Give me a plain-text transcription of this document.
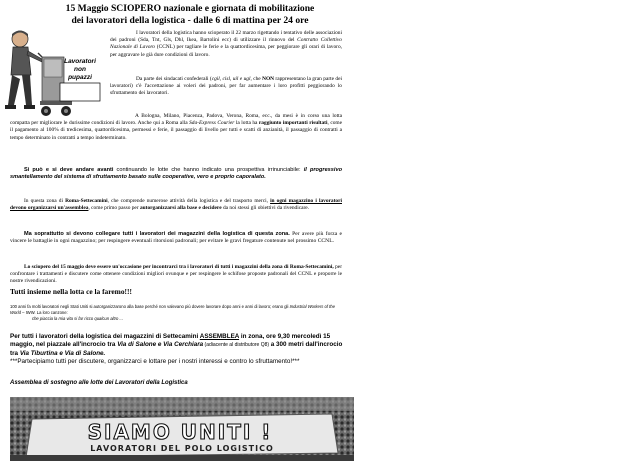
15 Maggio SCIOPERO nazionale e giornata di mobilitazione
dei lavoratori della logistica - dalle 6 di mattina per 24 ore
Lavoratori
non pupazzi
I lavoratori della logistica hanno scioperato il 22 marzo rigettando i tentativo delle associazioni dei padroni (Sda, Tnt, Gls, Dhl, Ikea, Bartolini ecc) di utilizzare il rinnovo del Contratto Collettivo Nazionale di Lavoro (CCNL) per tagliare le ferie e la quattordicesima, per peggiorare gli orari di lavoro, per aggravare le già dure condizioni di lavoro.
Da parte dei sindacati confederali (cgil, cisl, uil e ugl, che NON rappresentano la gran parte dei lavoratori) c'è l'accettazione ai voleri dei padroni, per far aumentare i loro profitti peggiorando lo sfruttamento dei lavoratori.
A Bologna, Milano, Piacenza, Padova, Verona, Roma, ecc., da mesi è in corso una lotta compatta per migliorare le durissime condizioni di lavoro. Anche qui a Roma alla Sda-Express Courier la lotta ha raggiunto importanti risultati, come il pagamento al 100% di tredicesima, quattordicesima, permessi e ferie, il passaggio di livello per tutti e scatti di anzianità, il passaggio di contratti a tempo determinato in contratti a tempo indeterminato.
Si può e si deve andare avanti continuando le lotte che hanno indicato una prospettiva irrinunciabile: il progressivo smantellamento del sistema di sfruttamento basato sulle cooperative, vero e proprio caporalato.
In questa zona di Roma-Settecamini, che comprende numerose attività della logistica e del trasporto merci, in ogni magazzino i lavoratori devono organizzarsi un'assemblea, come primo passo per autorganizzarsi alla base e decidere da noi stessi gli obiettivi da rivendicare.
Ma soprattutto si devono collegare tutti i lavoratori dei magazzini della logistica di questa zona. Per avere più forza e vincere le battaglie in ogni magazzino; per respingere eventuali ritorsioni padronali; per evitare le gravi fregature contenute nel prossimo CCNL.
Lo sciopero del 15 maggio deve essere un'occasione per incontrarci tra i lavoratori di tutti i magazzini della zona di Roma-Settecamini, per confrontare i trattamenti e discutere come ottenere condizioni migliori ovunque e per respingere le schifose proposte padronali del CCNL e proporre le nostre rivendicazioni.
Tutti insieme nella lotta ce la faremo!!!
100 anni fa molti lavoratori negli Stati Uniti si autorganizzarono alla base perché non valevano più dovere lavorare dopo anni e anni di lavoro; erano gli Industrial Workers of the World – IWW. La loro canzone:
che piaccia la mia vita si far ricco qualcun altro ...
Per tutti i lavoratori della logistica dei magazzini di Settecamini ASSEMBLEA in zona, ore 9,30 mercoledì 15 maggio, nel piazzale all'incrocio tra Via di Salone e Via Cerchiara (adiacente al distributore Q8) a 300 metri dall'incrocio tra Via Tiburtina e Via di Salone.
***Partecipiamo tutti per discutere, organizzarci e lottare per i nostri interessi e contro lo sfruttamento!***
Assemblea di sostegno alle lotte dei Lavoratori della Logistica
SIAMO UNITI !
LAVORATORI DEL POLO LOGISTICO
